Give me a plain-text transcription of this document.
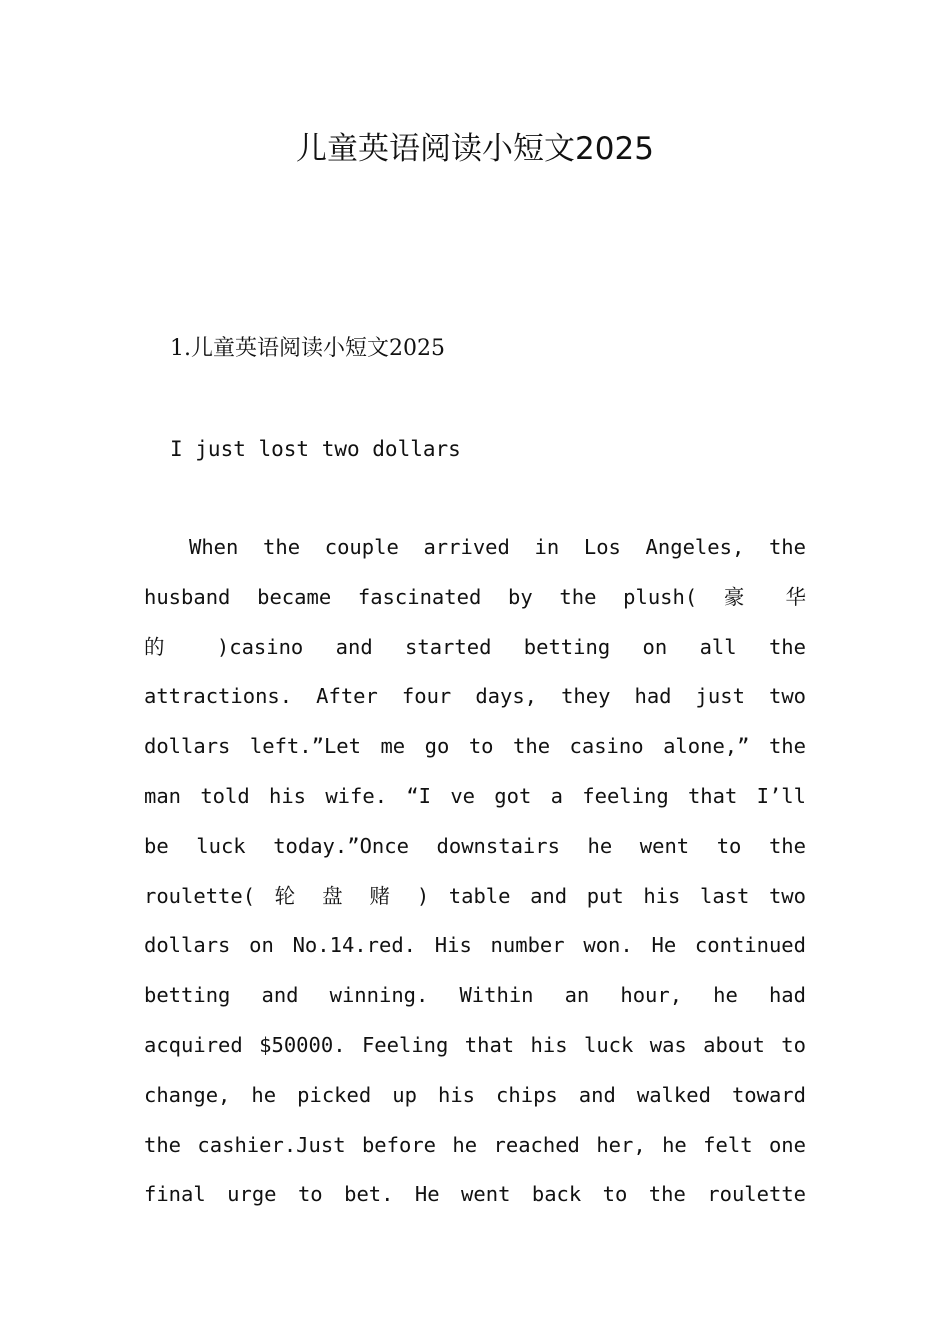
儿童英语阅读小短文2025

1.儿童英语阅读小短文2025

I just lost two dollars

When the couple arrived in Los Angeles, the
husband became fascinated by the plush( 豪 华
的 )casino and started betting on all the
attractions. After four days, they had just two
dollars left.”Let me go to the casino alone,” the
man told his wife. “I ve got a feeling that I’ll
be luck today.”Once downstairs he went to the
roulette( 轮 盘 赌 ) table and put his last two
dollars on No.14.red. His number won. He continued
betting and winning. Within an hour, he had
acquired $50000. Feeling that his luck was about to
change, he picked up his chips and walked toward
the cashier.Just before he reached her, he felt one
final urge to bet. He went back to the roulette
